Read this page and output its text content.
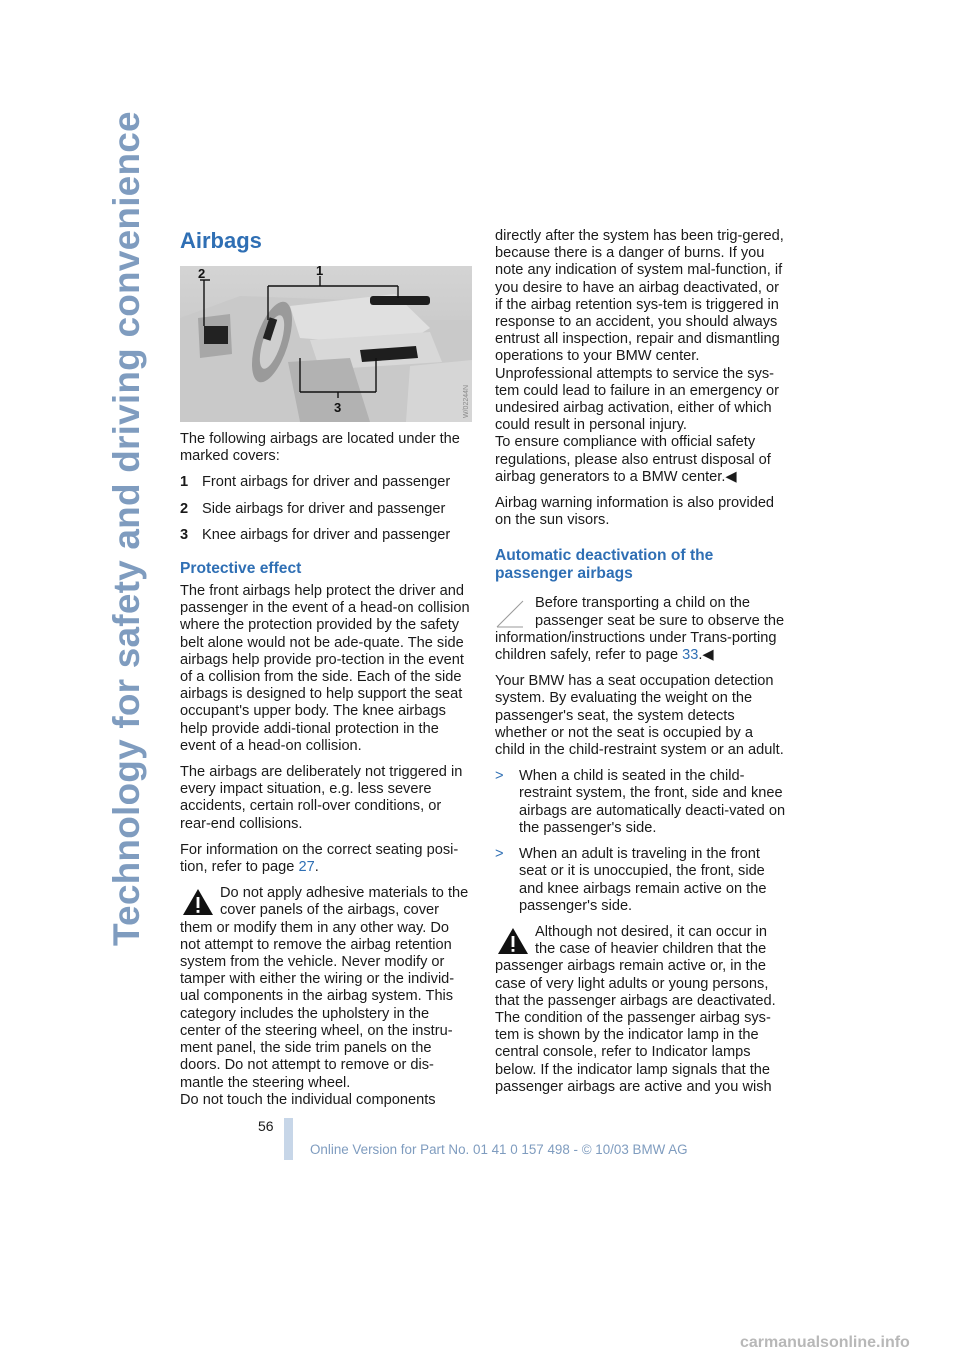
Technology for safety and driving convenience Airbags
2	1
3	W/02244N

The following airbags are located under the marked covers:

1 Front airbags for driver and passenger
2 Side airbags for driver and passenger
3 Knee airbags for driver and passenger
Protective effect

The front airbags help protect the driver and passenger in the event of a head-on collision where the protection provided by the safety belt alone would not be ade-quate. The side airbags help provide pro-tection in the event of a collision from the side. Each of the side airbags is designed to help support the seat occupant's upper body. The knee airbags help provide addi-tional protection in the event of a head-on collision.

The airbags are deliberately not triggered in every impact situation, e.g. less severe accidents, certain roll-over conditions, or rear-end collisions.

For information on the correct seating posi-tion, refer to page 27.

Do not apply adhesive materials to the cover panels of the airbags, cover them or modify them in any other way. Do not attempt to remove the airbag retention system from the vehicle. Never modify or tamper with either the wiring or the individ-ual components in the airbag system. This category includes the upholstery in the center of the steering wheel, on the instru-ment panel, the side trim panels on the doors. Do not attempt to remove or dis-mantle the steering wheel.

Do not touch the individual components

directly after the system has been trig-gered, because there is a danger of burns. If you note any indication of system mal-function, if you desire to have an airbag deactivated, or if the airbag retention sys-tem is triggered in response to an accident, you should always entrust all inspection, repair and dismantling operations to your BMW center.

Unprofessional attempts to service the sys-tem could lead to failure in an emergency or undesired airbag activation, either of which could result in personal injury.

To ensure compliance with official safety regulations, please also entrust disposal of airbag generators to a BMW center.◀

Airbag warning information is also provided on the sun visors.

Automatic deactivation of the passenger airbags

Before transporting a child on the passenger seat be sure to observe the information/instructions under Trans-porting children safely, refer to page 33.◀

Your BMW has a seat occupation detection system. By evaluating the weight on the passenger's seat, the system detects whether or not the seat is occupied by a child in the child-restraint system or an adult.

>	When a child is seated in the child-restraint system, the front, side and knee airbags are automatically deacti-vated on the passenger's side.
>	When an adult is traveling in the front seat or it is unoccupied, the front, side and knee airbags remain active on the passenger's side.

Although not desired, it can occur in the case of heavier children that the passenger airbags remain active or, in the case of very light adults or young persons, that the passenger airbags are deactivated. The condition of the passenger airbag sys-tem is shown by the indicator lamp in the central console, refer to Indicator lamps below. If the indicator lamp signals that the passenger airbags are active and you wish

56
Online Version for Part No. 01 41 0 157 498 - © 10/03 BMW AG
carmanualsonline.info
